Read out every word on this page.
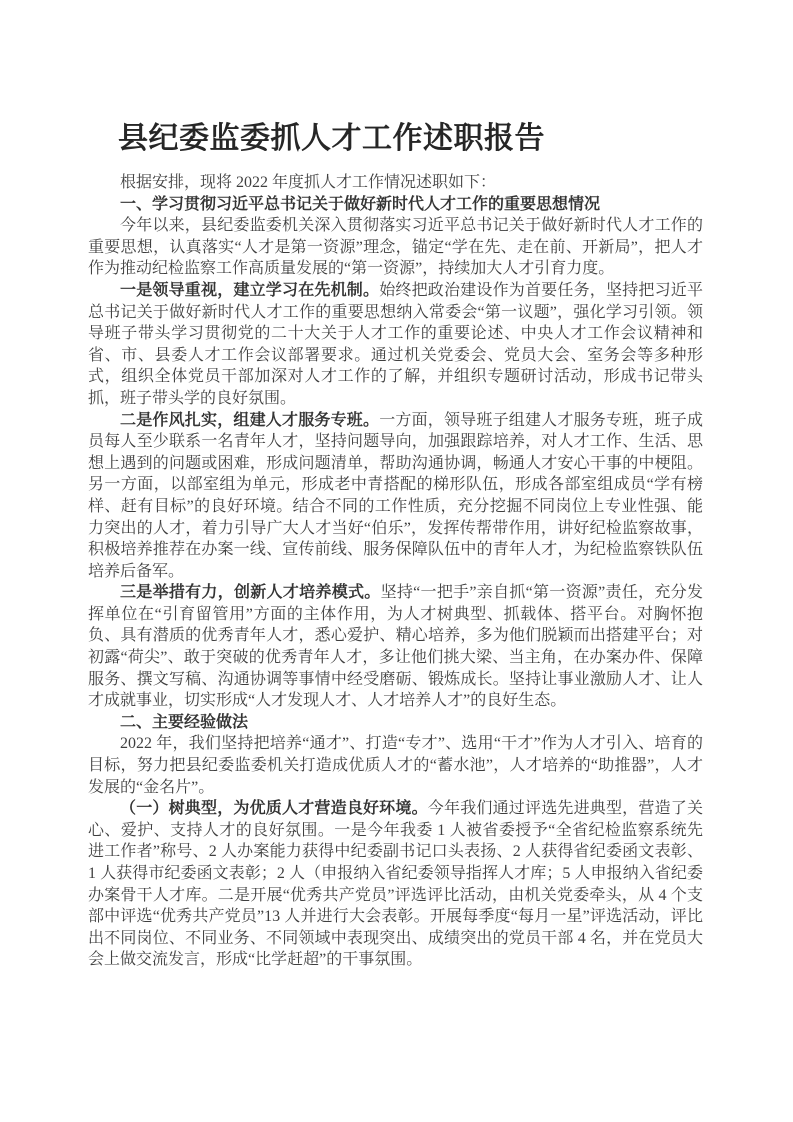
县纪委监委抓人才工作述职报告

根据安排，现将 2022 年度抓人才工作情况述职如下：

一、学习贯彻习近平总书记关于做好新时代人才工作的重要思想情况

今年以来，县纪委监委机关深入贯彻落实习近平总书记关于做好新时代人才工作的重要思想，认真落实“人才是第一资源”理念，锚定“学在先、走在前、开新局”，把人才作为推动纪检监察工作高质量发展的“第一资源”，持续加大人才引育力度。

一是领导重视，建立学习在先机制。始终把政治建设作为首要任务，坚持把习近平总书记关于做好新时代人才工作的重要思想纳入常委会“第一议题”，强化学习引领。领导班子带头学习贯彻党的二十大关于人才工作的重要论述、中央人才工作会议精神和省、市、县委人才工作会议部署要求。通过机关党委会、党员大会、室务会等多种形式，组织全体党员干部加深对人才工作的了解，并组织专题研讨活动，形成书记带头抓，班子带头学的良好氛围。

二是作风扎实，组建人才服务专班。一方面，领导班子组建人才服务专班，班子成员每人至少联系一名青年人才，坚持问题导向，加强跟踪培养，对人才工作、生活、思想上遇到的问题或困难，形成问题清单，帮助沟通协调，畅通人才安心干事的中梗阻。另一方面，以部室组为单元，形成老中青搭配的梯形队伍，形成各部室组成员“学有榜样、赶有目标”的良好环境。结合不同的工作性质，充分挖掘不同岗位上专业性强、能力突出的人才，着力引导广大人才当好“伯乐”，发挥传帮带作用，讲好纪检监察故事，积极培养推荐在办案一线、宣传前线、服务保障队伍中的青年人才，为纪检监察铁队伍培养后备军。

三是举措有力，创新人才培养模式。坚持“一把手”亲自抓“第一资源”责任，充分发挥单位在“引育留管用”方面的主体作用，为人才树典型、抓载体、搭平台。对胸怀抱负、具有潜质的优秀青年人才，悉心爱护、精心培养，多为他们脱颖而出搭建平台；对初露“荷尖”、敢于突破的优秀青年人才，多让他们挑大梁、当主角，在办案办件、保障服务、撰文写稿、沟通协调等事情中经受磨砺、锻炼成长。坚持让事业激励人才、让人才成就事业，切实形成“人才发现人才、人才培养人才”的良好生态。

二、主要经验做法

2022 年，我们坚持把培养“通才”、打造“专才”、选用“干才”作为人才引入、培育的目标，努力把县纪委监委机关打造成优质人才的“蓄水池”，人才培养的“助推器”，人才发展的“金名片”。

（一）树典型，为优质人才营造良好环境。今年我们通过评选先进典型，营造了关心、爱护、支持人才的良好氛围。一是今年我委 1 人被省委授予“全省纪检监察系统先进工作者”称号、2 人办案能力获得中纪委副书记口头表扬、2 人获得省纪委函文表彰、1 人获得市纪委函文表彰；2 人（申报纳入省纪委领导指挥人才库；5 人申报纳入省纪委办案骨干人才库。二是开展“优秀共产党员”评选评比活动，由机关党委牵头，从 4 个支部中评选“优秀共产党员”13 人并进行大会表彰。开展每季度“每月一星”评选活动，评比出不同岗位、不同业务、不同领域中表现突出、成绩突出的党员干部 4 名，并在党员大会上做交流发言，形成“比学赶超”的干事氛围。
